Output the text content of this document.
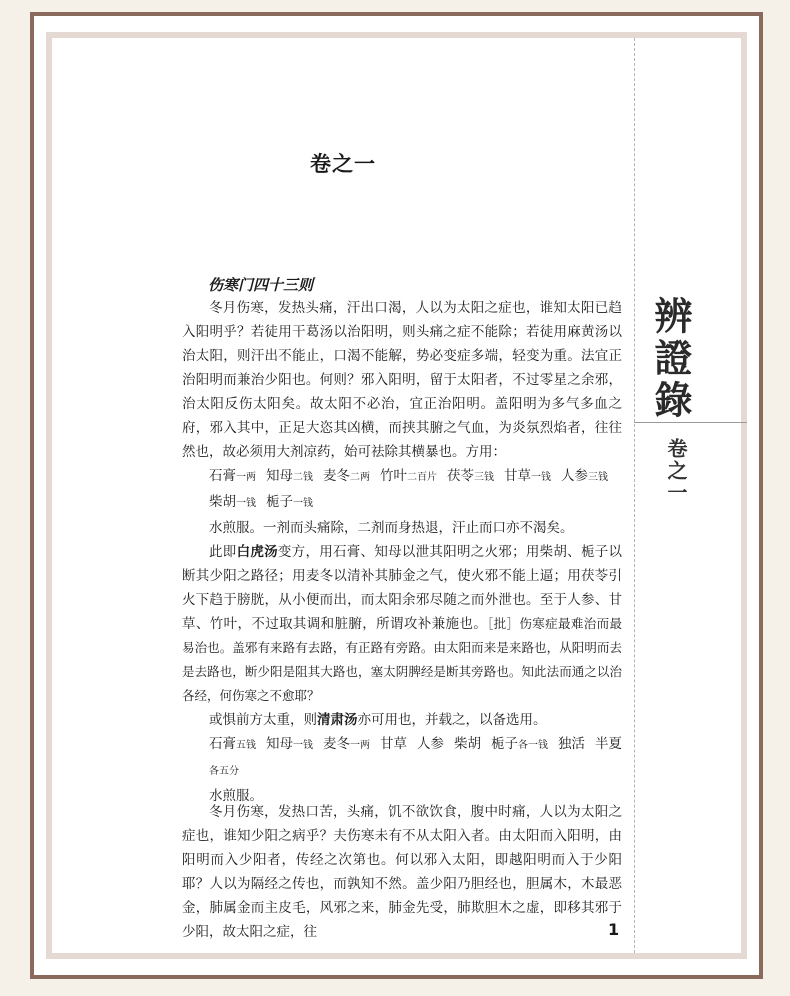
辨證錄
卷之一
卷之一
伤寒门四十三则

冬月伤寒，发热头痛，汗出口渴，人以为太阳之症也，谁知太阳已趋入阳明乎？若徒用干葛汤以治阳明，则头痛之症不能除；若徒用麻黄汤以治太阳，则汗出不能止，口渴不能解，势必变症多端，轻变为重。法宜正治阳明而兼治少阳也。何则？邪入阳明，留于太阳者，不过零星之余邪，治太阳反伤太阳矣。故太阳不必治，宜正治阳明。盖阳明为多气多血之府，邪入其中，正足大恣其凶横，而挟其腑之气血，为炎氛烈焰者，往往然也，故必须用大剂凉药，始可祛除其横暴也。方用：

石膏一两 知母二钱 麦冬二两 竹叶二百片 茯苓三钱 甘草一钱 人参三钱柴胡一钱 栀子一钱

水煎服。一剂而头痛除，二剂而身热退，汗止而口亦不渴矣。

此即白虎汤变方，用石膏、知母以泄其阳明之火邪；用柴胡、栀子以断其少阳之路径；用麦冬以清补其肺金之气，使火邪不能上逼；用茯苓引火下趋于膀胱，从小便而出，而太阳余邪尽随之而外泄也。至于人参、甘草、竹叶，不过取其调和脏腑，所谓攻补兼施也。［批］伤寒症最难治而最易治也。盖邪有来路有去路，有正路有旁路。由太阳而来是来路也，从阳明而去是去路也，断少阳是阻其大路也，塞太阴脾经是断其旁路也。知此法而通之以治各经，何伤寒之不愈耶？

或惧前方太重，则清肃汤亦可用也，并载之，以备选用。

石膏五钱 知母一钱 麦冬一两 甘草 人参 柴胡 栀子各一钱 独活 半夏各五分

水煎服。

冬月伤寒，发热口苦，头痛，饥不欲饮食，腹中时痛，人以为太阳之症也，谁知少阳之病乎？夫伤寒未有不从太阳入者。由太阳而入阳明，由阳明而入少阳者，传经之次第也。何以邪入太阳，即越阳明而入于少阳耶？人以为隔经之传也，而孰知不然。盖少阳乃胆经也，胆属木，木最恶金，肺属金而主皮毛，风邪之来，肺金先受，肺欺胆木之虚，即移其邪于少阳，故太阳之症，往	1
